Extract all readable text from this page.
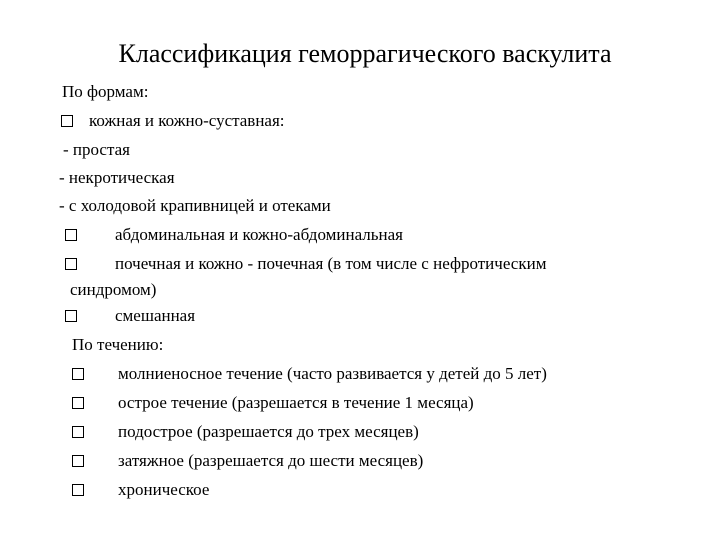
Классификация геморрагического васкулита
По формам:
кожная и кожно-суставная:
- простая
- некротическая
- с холодовой крапивницей и отеками
абдоминальная и кожно-абдоминальная
почечная и кожно - почечная (в том числе с нефротическим
синдромом)
смешанная
По течению:
молниеносное течение (часто развивается у детей до 5 лет)
острое течение (разрешается в течение 1 месяца)
подострое (разрешается до трех месяцев)
затяжное (разрешается до шести месяцев)
хроническое
